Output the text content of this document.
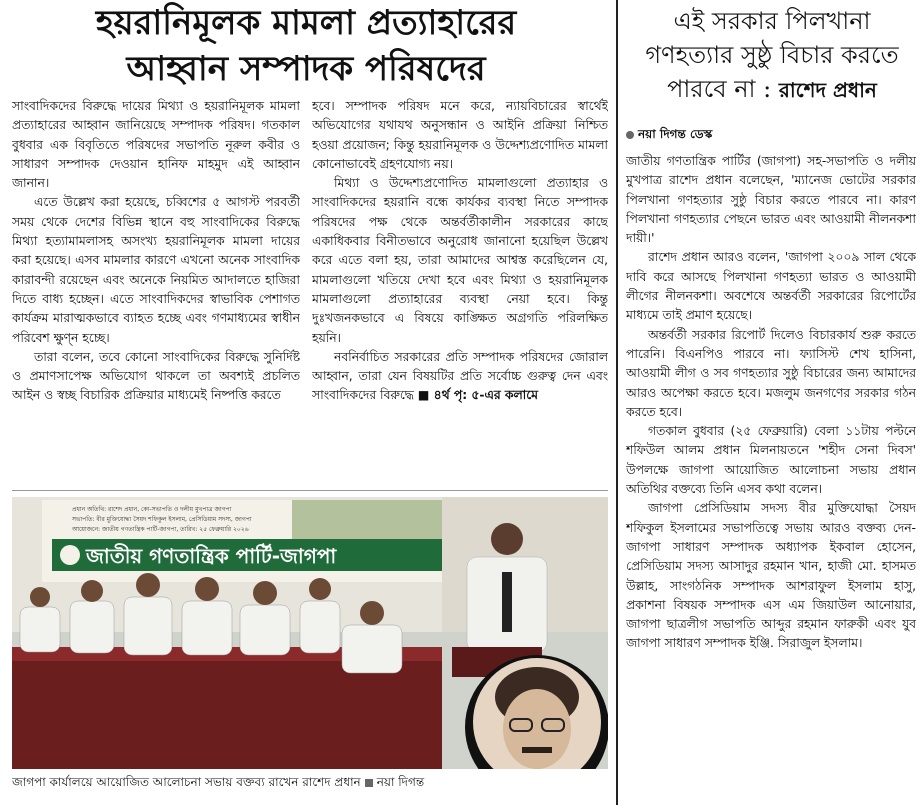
হয়রানিমূলক মামলা প্রত্যাহারের
আহ্বান সম্পাদক পরিষদের

সাংবাদিকদের বিরুদ্ধে দায়ের মিথ্যা ও হয়রানিমূলক মামলা প্রত্যাহারের আহ্বান জানিয়েছে সম্পাদক পরিষদ। গতকাল বুধবার এক বিবৃতিতে পরিষদের সভাপতি নূরুল কবীর ও সাধারণ সম্পাদক দেওয়ান হানিফ মাহমুদ এই আহ্বান জানান।

এতে উল্লেখ করা হয়েছে, চব্বিশের ৫ আগস্ট পরবর্তী সময় থেকে দেশের বিভিন্ন স্থানে বহু সাংবাদিকের বিরুদ্ধে মিথ্যা হত্যামামলাসহ অসংখ্য হয়রানিমূলক মামলা দায়ের করা হয়েছে। এসব মামলার কারণে এখনো অনেক সাংবাদিক কারাবন্দী রয়েছেন এবং অনেকে নিয়মিত আদালতে হাজিরা দিতে বাধ্য হচ্ছেন। এতে সাংবাদিকদের স্বাভাবিক পেশাগত কার্যক্রম মারাত্মকভাবে ব্যাহত হচ্ছে এবং গণমাধ্যমের স্বাধীন পরিবেশ ক্ষুণ্ন হচ্ছে।

তারা বলেন, তবে কোনো সাংবাদিকের বিরুদ্ধে সুনির্দিষ্ট ও প্রমাণসাপেক্ষ অভিযোগ থাকলে তা অবশ্যই প্রচলিত আইন ও স্বচ্ছ বিচারিক প্রক্রিয়ার মাধ্যমেই নিষ্পত্তি করতে

হবে। সম্পাদক পরিষদ মনে করে, ন্যায়বিচারের স্বার্থেই অভিযোগের যথাযথ অনুসন্ধান ও আইনি প্রক্রিয়া নিশ্চিত হওয়া প্রয়োজন; কিন্তু হয়রানিমূলক ও উদ্দেশ্যপ্রণোদিত মামলা কোনোভাবেই গ্রহণযোগ্য নয়।

মিথ্যা ও উদ্দেশ্যপ্রণোদিত মামলাগুলো প্রত্যাহার ও সাংবাদিকদের হয়রানি বন্ধে কার্যকর ব্যবস্থা নিতে সম্পাদক পরিষদের পক্ষ থেকে অন্তর্বর্তীকালীন সরকারের কাছে একাধিকবার বিনীতভাবে অনুরোধ জানানো হয়েছিল উল্লেখ করে এতে বলা হয়, তারা আমাদের আশ্বস্ত করেছিলেন যে, মামলাগুলো খতিয়ে দেখা হবে এবং মিথ্যা ও হয়রানিমূলক মামলাগুলো প্রত্যাহারের ব্যবস্থা নেয়া হবে। কিন্তু দুঃখজনকভাবে এ বিষয়ে কাঙ্ক্ষিত অগ্রগতি পরিলক্ষিত হয়নি।

নবনির্বাচিত সরকারের প্রতি সম্পাদক পরিষদের জোরাল আহ্বান, তারা যেন বিষয়টির প্রতি সর্বোচ্চ গুরুত্ব দেন এবং সাংবাদিকদের বিরুদ্ধে ■ ৪র্থ পৃ: ৫-এর কলামে

প্রধান অতিথি: রাশেদ প্রধান, কো-সভাপতি ও দলীয় মুখপাত্র জাগপা
সভাপতি: বীর মুক্তিযোদ্ধা সৈয়দ শফিকুল ইসলাম, প্রেসিডিয়াম সদস্য, জাগপা
আয়োজনে: জাতীয় গণতান্ত্রিক পার্টি-জাগপা, তারিখ: ২৫ ফেব্রুয়ারি ২০২৬
জাতীয় গণতান্ত্রিক পার্টি-জাগপা
জাগপা কার্যালয়ে আয়োজিত আলোচনা সভায় বক্তব্য রাখেন রাশেদ প্রধান নয়া দিগন্ত
এই সরকার পিলখানা
গণহত্যার সুষ্ঠু বিচার করতে
পারবে না : রাশেদ প্রধান
নয়া দিগন্ত ডেস্ক

জাতীয় গণতান্ত্রিক পার্টির (জাগপা) সহ-সভাপতি ও দলীয় মুখপাত্র রাশেদ প্রধান বলেছেন, 'ম্যানেজ ভোটের সরকার পিলখানা গণহত্যার সুষ্ঠু বিচার করতে পারবে না। কারণ পিলখানা গণহত্যার পেছনে ভারত এবং আওয়ামী নীলনকশা দায়ী।'

রাশেদ প্রধান আরও বলেন, 'জাগপা ২০০৯ সাল থেকে দাবি করে আসছে পিলখানা গণহত্যা ভারত ও আওয়ামী লীগের নীলনকশা। অবশেষে অন্তর্বর্তী সরকারের রিপোর্টের মাধ্যমে তাই প্রমাণ হয়েছে।

অন্তর্বর্তী সরকার রিপোর্ট দিলেও বিচারকার্য শুরু করতে পারেনি। বিএনপিও পারবে না। ফ্যাসিস্ট শেখ হাসিনা, আওয়ামী লীগ ও সব গণহত্যার সুষ্ঠু বিচারের জন্য আমাদের আরও অপেক্ষা করতে হবে। মজলুম জনগণের সরকার গঠন করতে হবে।

গতকাল বুধবার (২৫ ফেব্রুয়ারি) বেলা ১১টায় পল্টনে শফিউল আলম প্রধান মিলনায়তনে 'শহীদ সেনা দিবস' উপলক্ষে জাগপা আয়োজিত আলোচনা সভায় প্রধান অতিথির বক্তব্যে তিনি এসব কথা বলেন।

জাগপা প্রেসিডিয়াম সদস্য বীর মুক্তিযোদ্ধা সৈয়দ শফিকুল ইসলামের সভাপতিত্বে সভায় আরও বক্তব্য দেন- জাগপা সাধারণ সম্পাদক অধ্যাপক ইকবাল হোসেন, প্রেসিডিয়াম সদস্য আসাদুর রহমান খান, হাজী মো. হাসমত উল্লাহ, সাংগঠনিক সম্পাদক আশরাফুল ইসলাম হাসু, প্রকাশনা বিষয়ক সম্পাদক এস এম জিয়াউল আনোয়ার, জাগপা ছাত্রলীগ সভাপতি আব্দুর রহমান ফারুকী এবং যুব জাগপা সাধারণ সম্পাদক ইঞ্জি. সিরাজুল ইসলাম।
